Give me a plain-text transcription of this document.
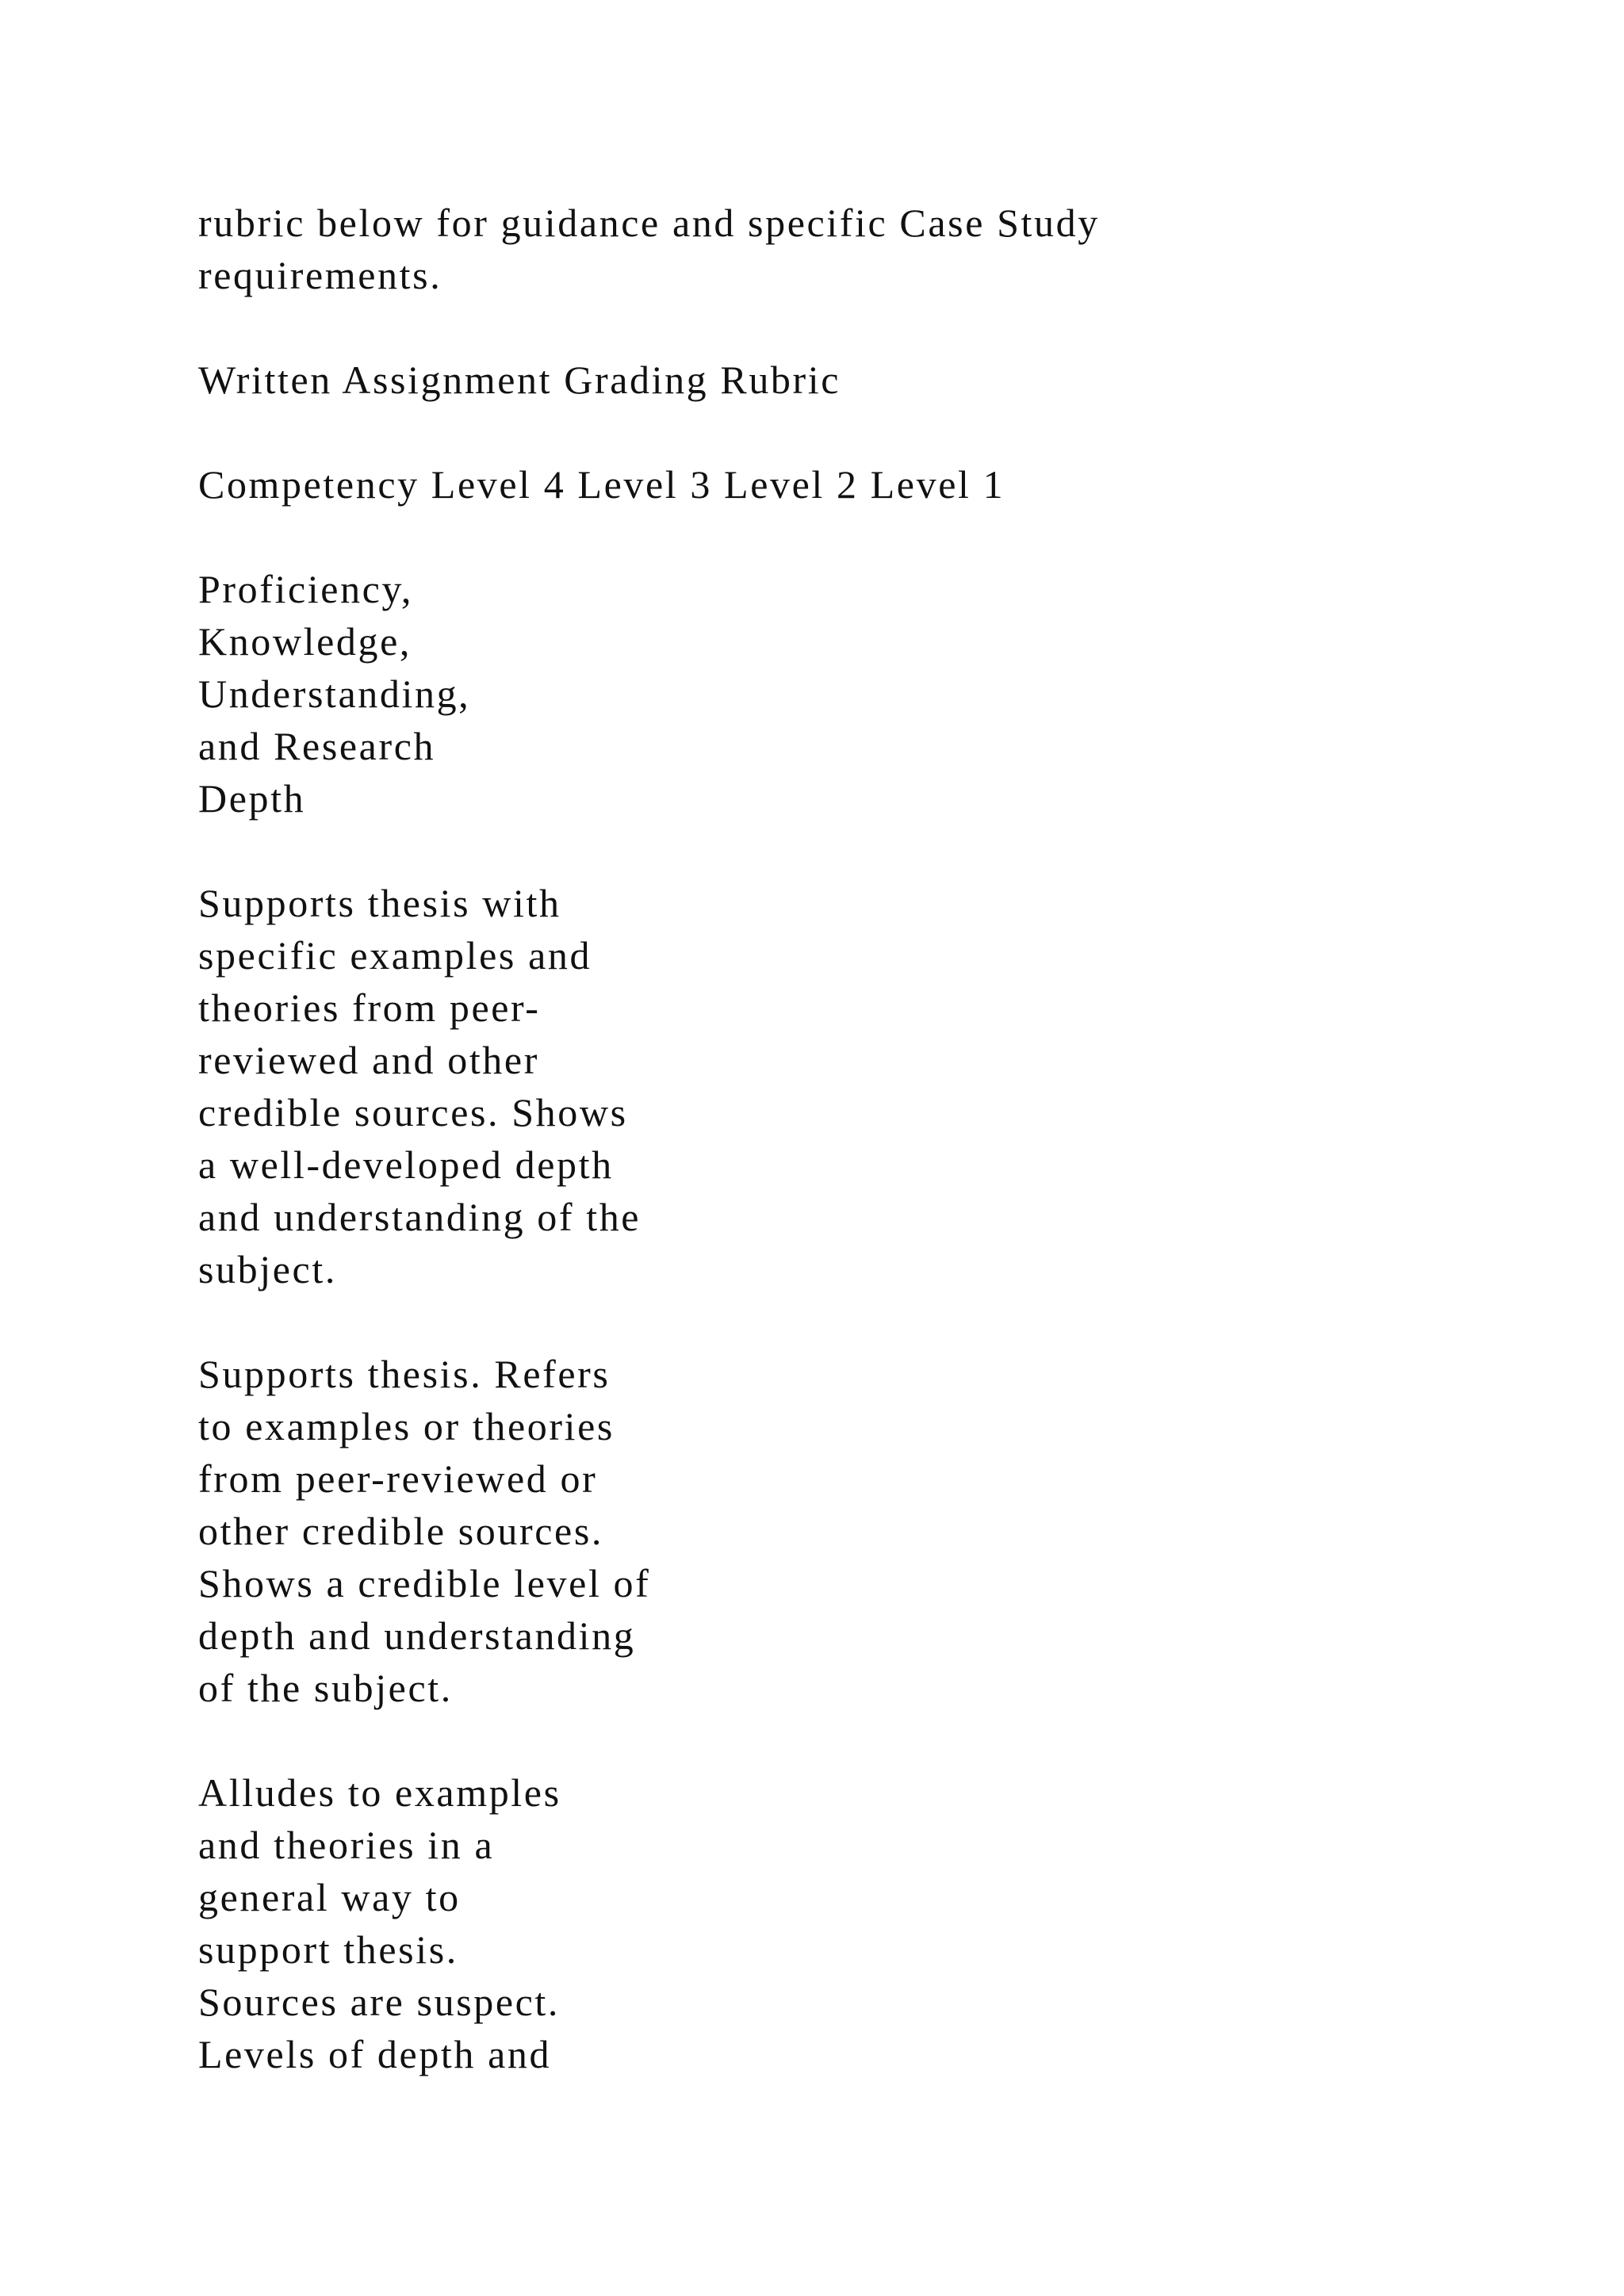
rubric below for guidance and specific Case Study
requirements.

Written Assignment Grading Rubric

Competency Level 4 Level 3 Level 2 Level 1

Proficiency,
Knowledge,
Understanding,
and Research
Depth

Supports thesis with
specific examples and
theories from peer-
reviewed and other
credible sources. Shows
a well-developed depth
and understanding of the
subject.

Supports thesis. Refers
to examples or theories
from peer-reviewed or
other credible sources.
Shows a credible level of
depth and understanding
of the subject.

Alludes to examples
and theories in a
general way to
support thesis.
Sources are suspect.
Levels of depth and
